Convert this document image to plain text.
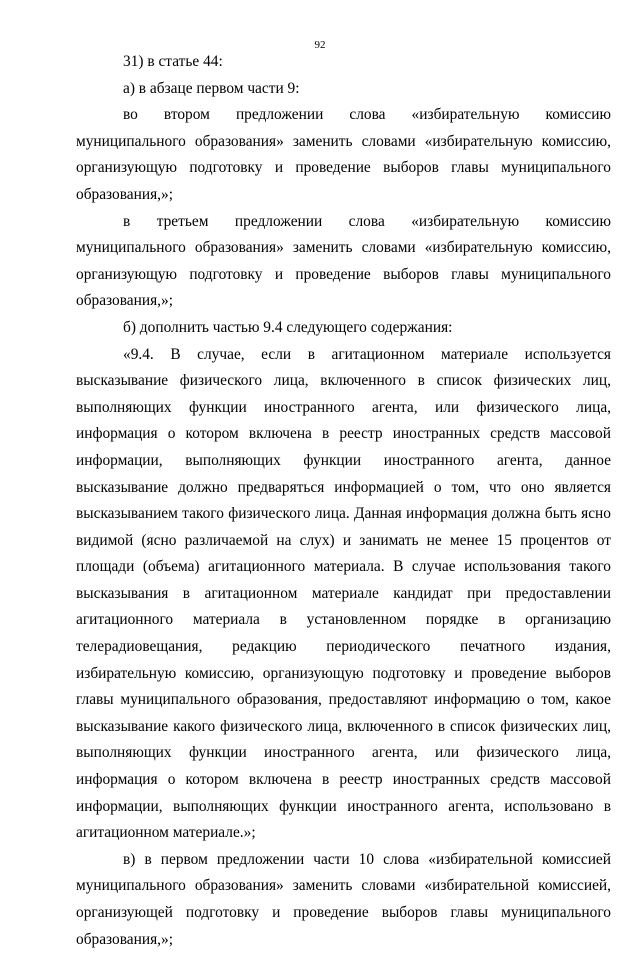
92

31) в статье 44:

а) в абзаце первом части 9:

во втором предложении слова «избирательную комиссию муниципального образования» заменить словами «избирательную комиссию, организующую подготовку и проведение выборов главы муниципального образования,»;

в третьем предложении слова «избирательную комиссию муниципального образования» заменить словами «избирательную комиссию, организующую подготовку и проведение выборов главы муниципального образования,»;

б) дополнить частью 9.4 следующего содержания:

«9.4. В случае, если в агитационном материале используется высказывание физического лица, включенного в список физических лиц, выполняющих функции иностранного агента, или физического лица, информация о котором включена в реестр иностранных средств массовой информации, выполняющих функции иностранного агента, данное высказывание должно предваряться информацией о том, что оно является высказыванием такого физического лица. Данная информация должна быть ясно видимой (ясно различаемой на слух) и занимать не менее 15 процентов от площади (объема) агитационного материала. В случае использования такого высказывания в агитационном материале кандидат при предоставлении агитационного материала в установленном порядке в организацию телерадиовещания, редакцию периодического печатного издания, избирательную комиссию, организующую подготовку и проведение выборов главы муниципального образования, предоставляют информацию о том, какое высказывание какого физического лица, включенного в список физических лиц, выполняющих функции иностранного агента, или физического лица, информация о котором включена в реестр иностранных средств массовой информации, выполняющих функции иностранного агента, использовано в агитационном материале.»;

в) в первом предложении части 10 слова «избирательной комиссией муниципального образования» заменить словами «избирательной комиссией, организующей подготовку и проведение выборов главы муниципального образования,»;
